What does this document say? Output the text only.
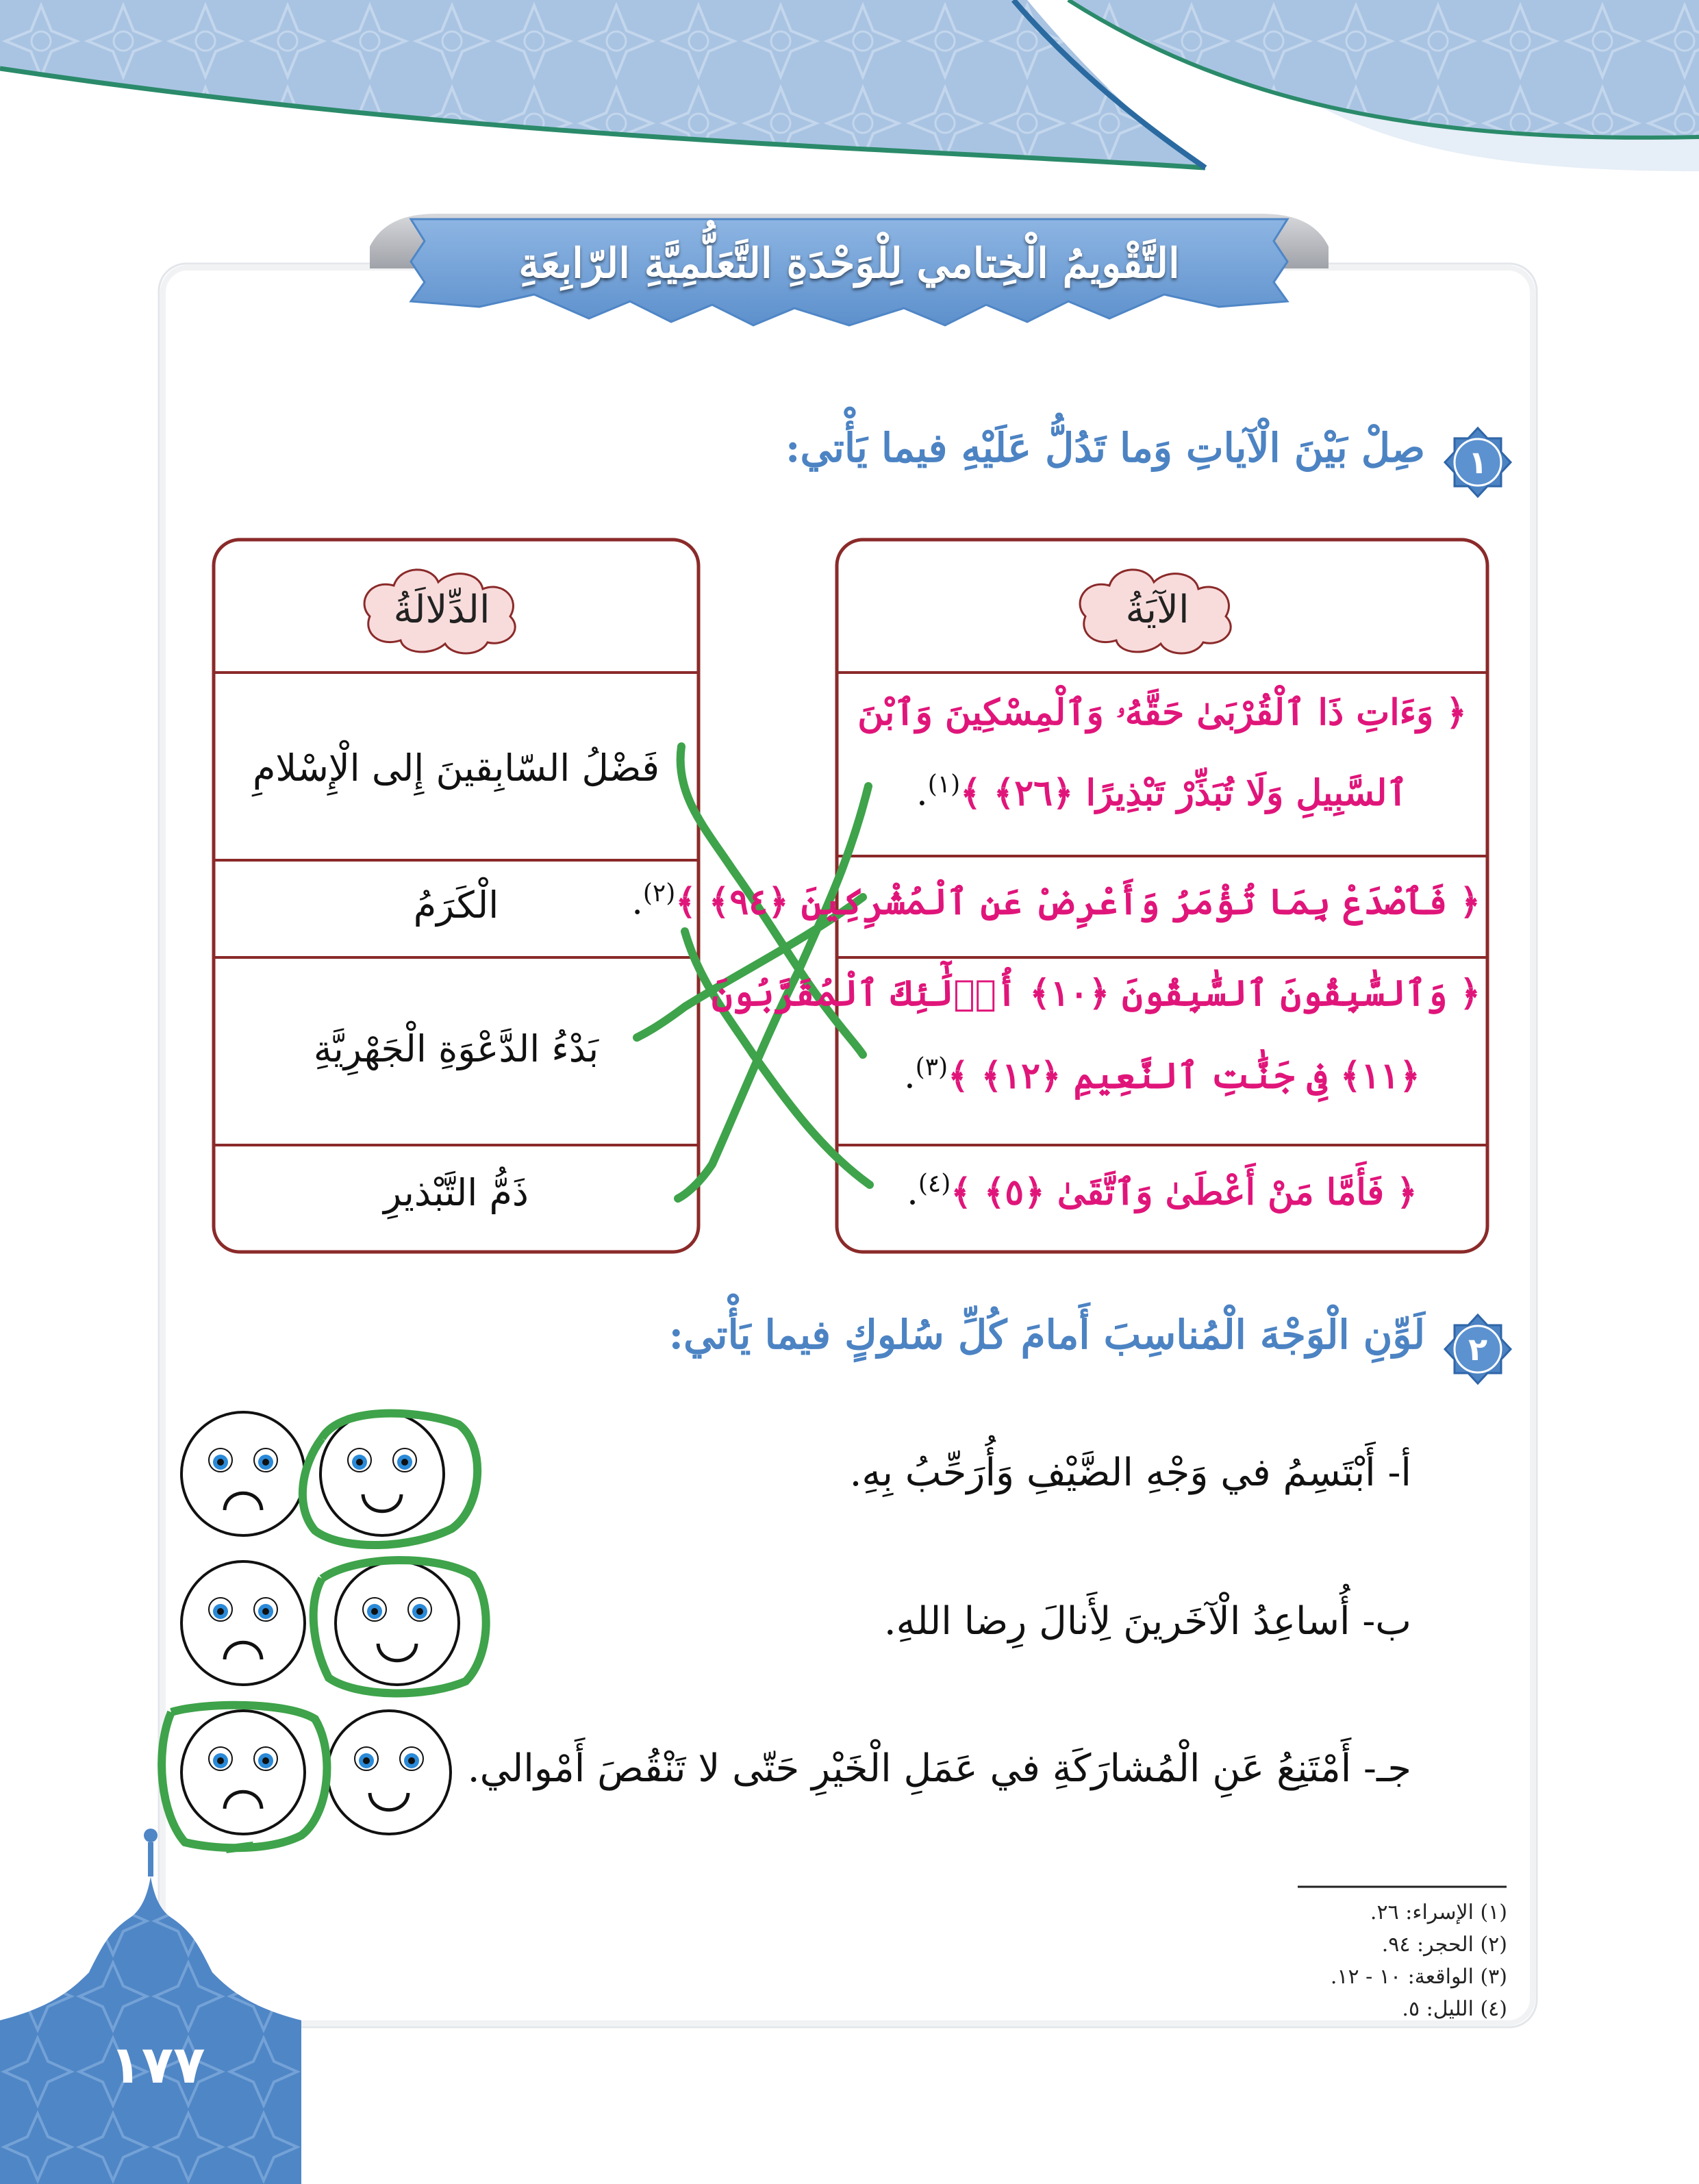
التَّقْويمُ الْخِتامي لِلْوَحْدَةِ التَّعَلُّمِيَّةِ الرّابِعَةِ
١
صِلْ بَيْنَ الْآياتِ وَما تَدُلُّ عَلَيْهِ فيما يَأْتي:
الدِّلالَةُ	الآيَةُ
فَضْلُ السّابِقينَ إِلى الْإِسْلامِ
الْكَرَمُ
بَدْءُ الدَّعْوَةِ الْجَهْرِيَّةِ
ذَمُّ التَّبْذيرِ
﴿ وَءَاتِ ذَا ٱلْقُرْبَىٰ حَقَّهُۥ وَٱلْمِسْكِينَ وَٱبْنَ
ٱلسَّبِيلِ وَلَا تُبَذِّرْ تَبْذِيرًا ﴿٢٦﴾ ﴾$^{(١)}$.
﴿ فَٱصْدَعْ بِمَا تُؤْمَرُ وَأَعْرِضْ عَنِ ٱلْمُشْرِكِينَ ﴿٩٤﴾ ﴾$^{(٢)}$.
﴿ وَٱلسَّٰبِقُونَ ٱلسَّٰبِقُونَ ﴿١٠﴾ أُو۟لَٰٓئِكَ ٱلْمُقَرَّبُونَ
﴿١١﴾ فِى جَنَّٰتِ ٱلنَّعِيمِ ﴿١٢﴾ ﴾$^{(٣)}$.
﴿ فَأَمَّا مَنْ أَعْطَىٰ وَٱتَّقَىٰ ﴿٥﴾ ﴾$^{(٤)}$.
٢
لَوِّنِ الْوَجْهَ الْمُناسِبَ أَمامَ كُلِّ سُلوكٍ فيما يَأْتي:
أ- أَبْتَسِمُ في وَجْهِ الضَّيْفِ وَأُرَحِّبُ بِهِ.
ب- أُساعِدُ الْآخَرينَ لِأَنالَ رِضا اللهِ.
جـ- أَمْتَنِعُ عَنِ الْمُشارَكَةِ في عَمَلِ الْخَيْرِ حَتّى لا تَنْقُصَ أَمْوالي.
(١) الإسراء: ٢٦.
(٢) الحجر: ٩٤.
(٣) الواقعة: ١٠ - ١٢.
(٤) الليل: ٥.
١٧٧
